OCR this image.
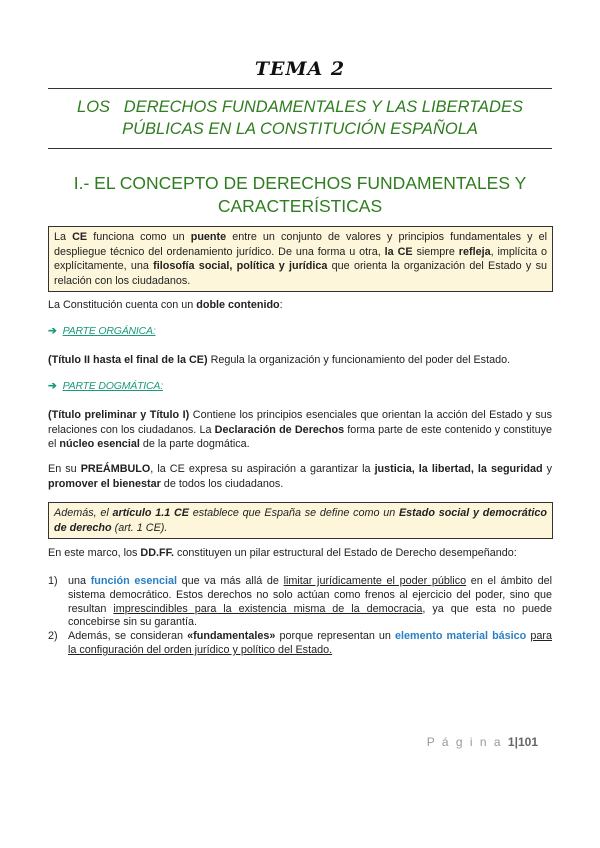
TEMA 2
LOS   DERECHOS FUNDAMENTALES Y LAS LIBERTADES
PÚBLICAS EN LA CONSTITUCIÓN ESPAÑOLA
I.- EL CONCEPTO DE DERECHOS FUNDAMENTALES Y
CARACTERÍSTICAS
La CE funciona como un puente entre un conjunto de valores y principios fundamentales y el despliegue técnico del ordenamiento jurídico. De una forma u otra, la CE siempre refleja, implícita o explícitamente, una filosofía social, política y jurídica que orienta la organización del Estado y su relación con los ciudadanos.
La Constitución cuenta con un doble contenido:
➔ PARTE ORGÁNICA:
(Título II hasta el final de la CE) Regula la organización y funcionamiento del poder del Estado.
➔ PARTE DOGMÁTICA:
(Título preliminar y Título I) Contiene los principios esenciales que orientan la acción del Estado y sus relaciones con los ciudadanos. La Declaración de Derechos forma parte de este contenido y constituye el núcleo esencial de la parte dogmática.
En su PREÁMBULO, la CE expresa su aspiración a garantizar la justicia, la libertad, la seguridad y promover el bienestar de todos los ciudadanos.
Además, el artículo 1.1 CE establece que España se define como un Estado social y democrático de derecho (art. 1 CE).
En este marco, los DD.FF. constituyen un pilar estructural del Estado de Derecho desempeñando:
1) una función esencial que va más allá de limitar jurídicamente el poder público en el ámbito del sistema democrático. Estos derechos no solo actúan como frenos al ejercicio del poder, sino que resultan imprescindibles para la existencia misma de la democracia, ya que esta no puede concebirse sin su garantía.
2) Además, se consideran «fundamentales» porque representan un elemento material básico para la configuración del orden jurídico y político del Estado.
P á g i n a 1|101
